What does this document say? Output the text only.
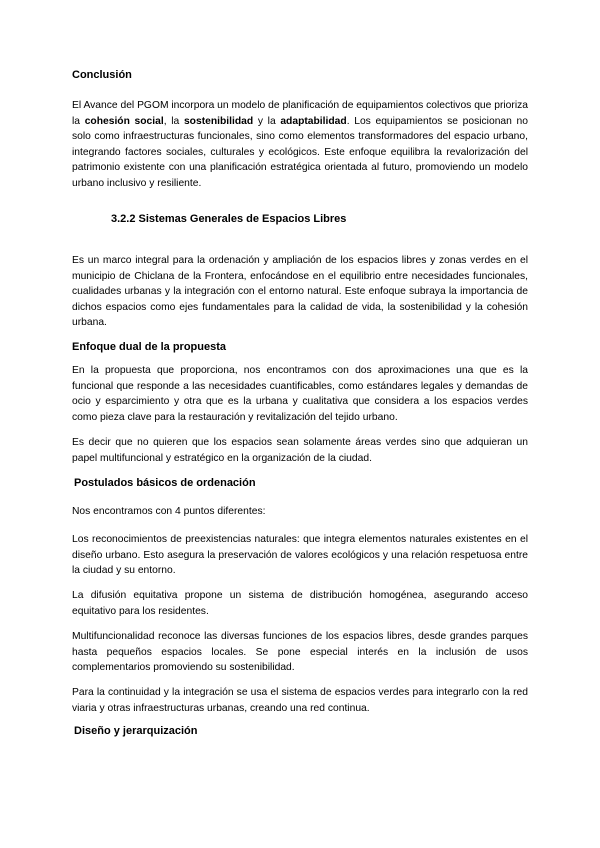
Conclusión

El Avance del PGOM incorpora un modelo de planificación de equipamientos colectivos que prioriza la cohesión social, la sostenibilidad y la adaptabilidad. Los equipamientos se posicionan no solo como infraestructuras funcionales, sino como elementos transformadores del espacio urbano, integrando factores sociales, culturales y ecológicos. Este enfoque equilibra la revalorización del patrimonio existente con una planificación estratégica orientada al futuro, promoviendo un modelo urbano inclusivo y resiliente.

3.2.2 Sistemas Generales de Espacios Libres

Es un marco integral para la ordenación y ampliación de los espacios libres y zonas verdes en el municipio de Chiclana de la Frontera, enfocándose en el equilibrio entre necesidades funcionales, cualidades urbanas y la integración con el entorno natural. Este enfoque subraya la importancia de dichos espacios como ejes fundamentales para la calidad de vida, la sostenibilidad y la cohesión urbana.

Enfoque dual de la propuesta

En la propuesta que proporciona, nos encontramos con dos aproximaciones una que es la funcional que responde a las necesidades cuantificables, como estándares legales y demandas de ocio y esparcimiento y otra que es la urbana y cualitativa que considera a los espacios verdes como pieza clave para la restauración y revitalización del tejido urbano.

Es decir que no quieren que los espacios sean solamente áreas verdes sino que adquieran un papel multifuncional y estratégico en la organización de la ciudad.

Postulados básicos de ordenación

Nos encontramos con 4 puntos diferentes:

Los reconocimientos de preexistencias naturales: que integra elementos naturales existentes en el diseño urbano. Esto asegura la preservación de valores ecológicos y una relación respetuosa entre la ciudad y su entorno.

La difusión equitativa propone un sistema de distribución homogénea, asegurando acceso equitativo para los residentes.

Multifuncionalidad reconoce las diversas funciones de los espacios libres, desde grandes parques hasta pequeños espacios locales. Se pone especial interés en la inclusión de usos complementarios promoviendo su sostenibilidad.

Para la continuidad y la integración se usa el sistema de espacios verdes para integrarlo con la red viaria y otras infraestructuras urbanas, creando una red continua.

Diseño y jerarquización
